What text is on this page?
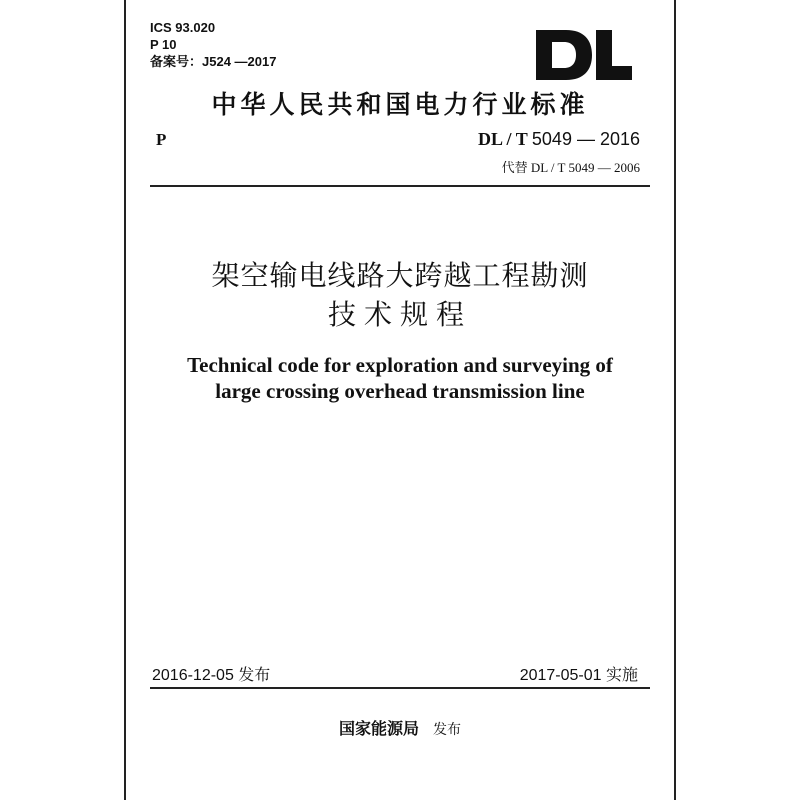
ICS 93.020
P 10
备案号：J524 —2017
中华人民共和国电力行业标准
P	DL / T 5049 — 2016
代替 DL / T 5049 — 2006
架空输电线路大跨越工程勘测
技术规程
Technical code for exploration and surveying of
large crossing overhead transmission line
2016-12-05 发布	2017-05-01 实施
国家能源局 发布
